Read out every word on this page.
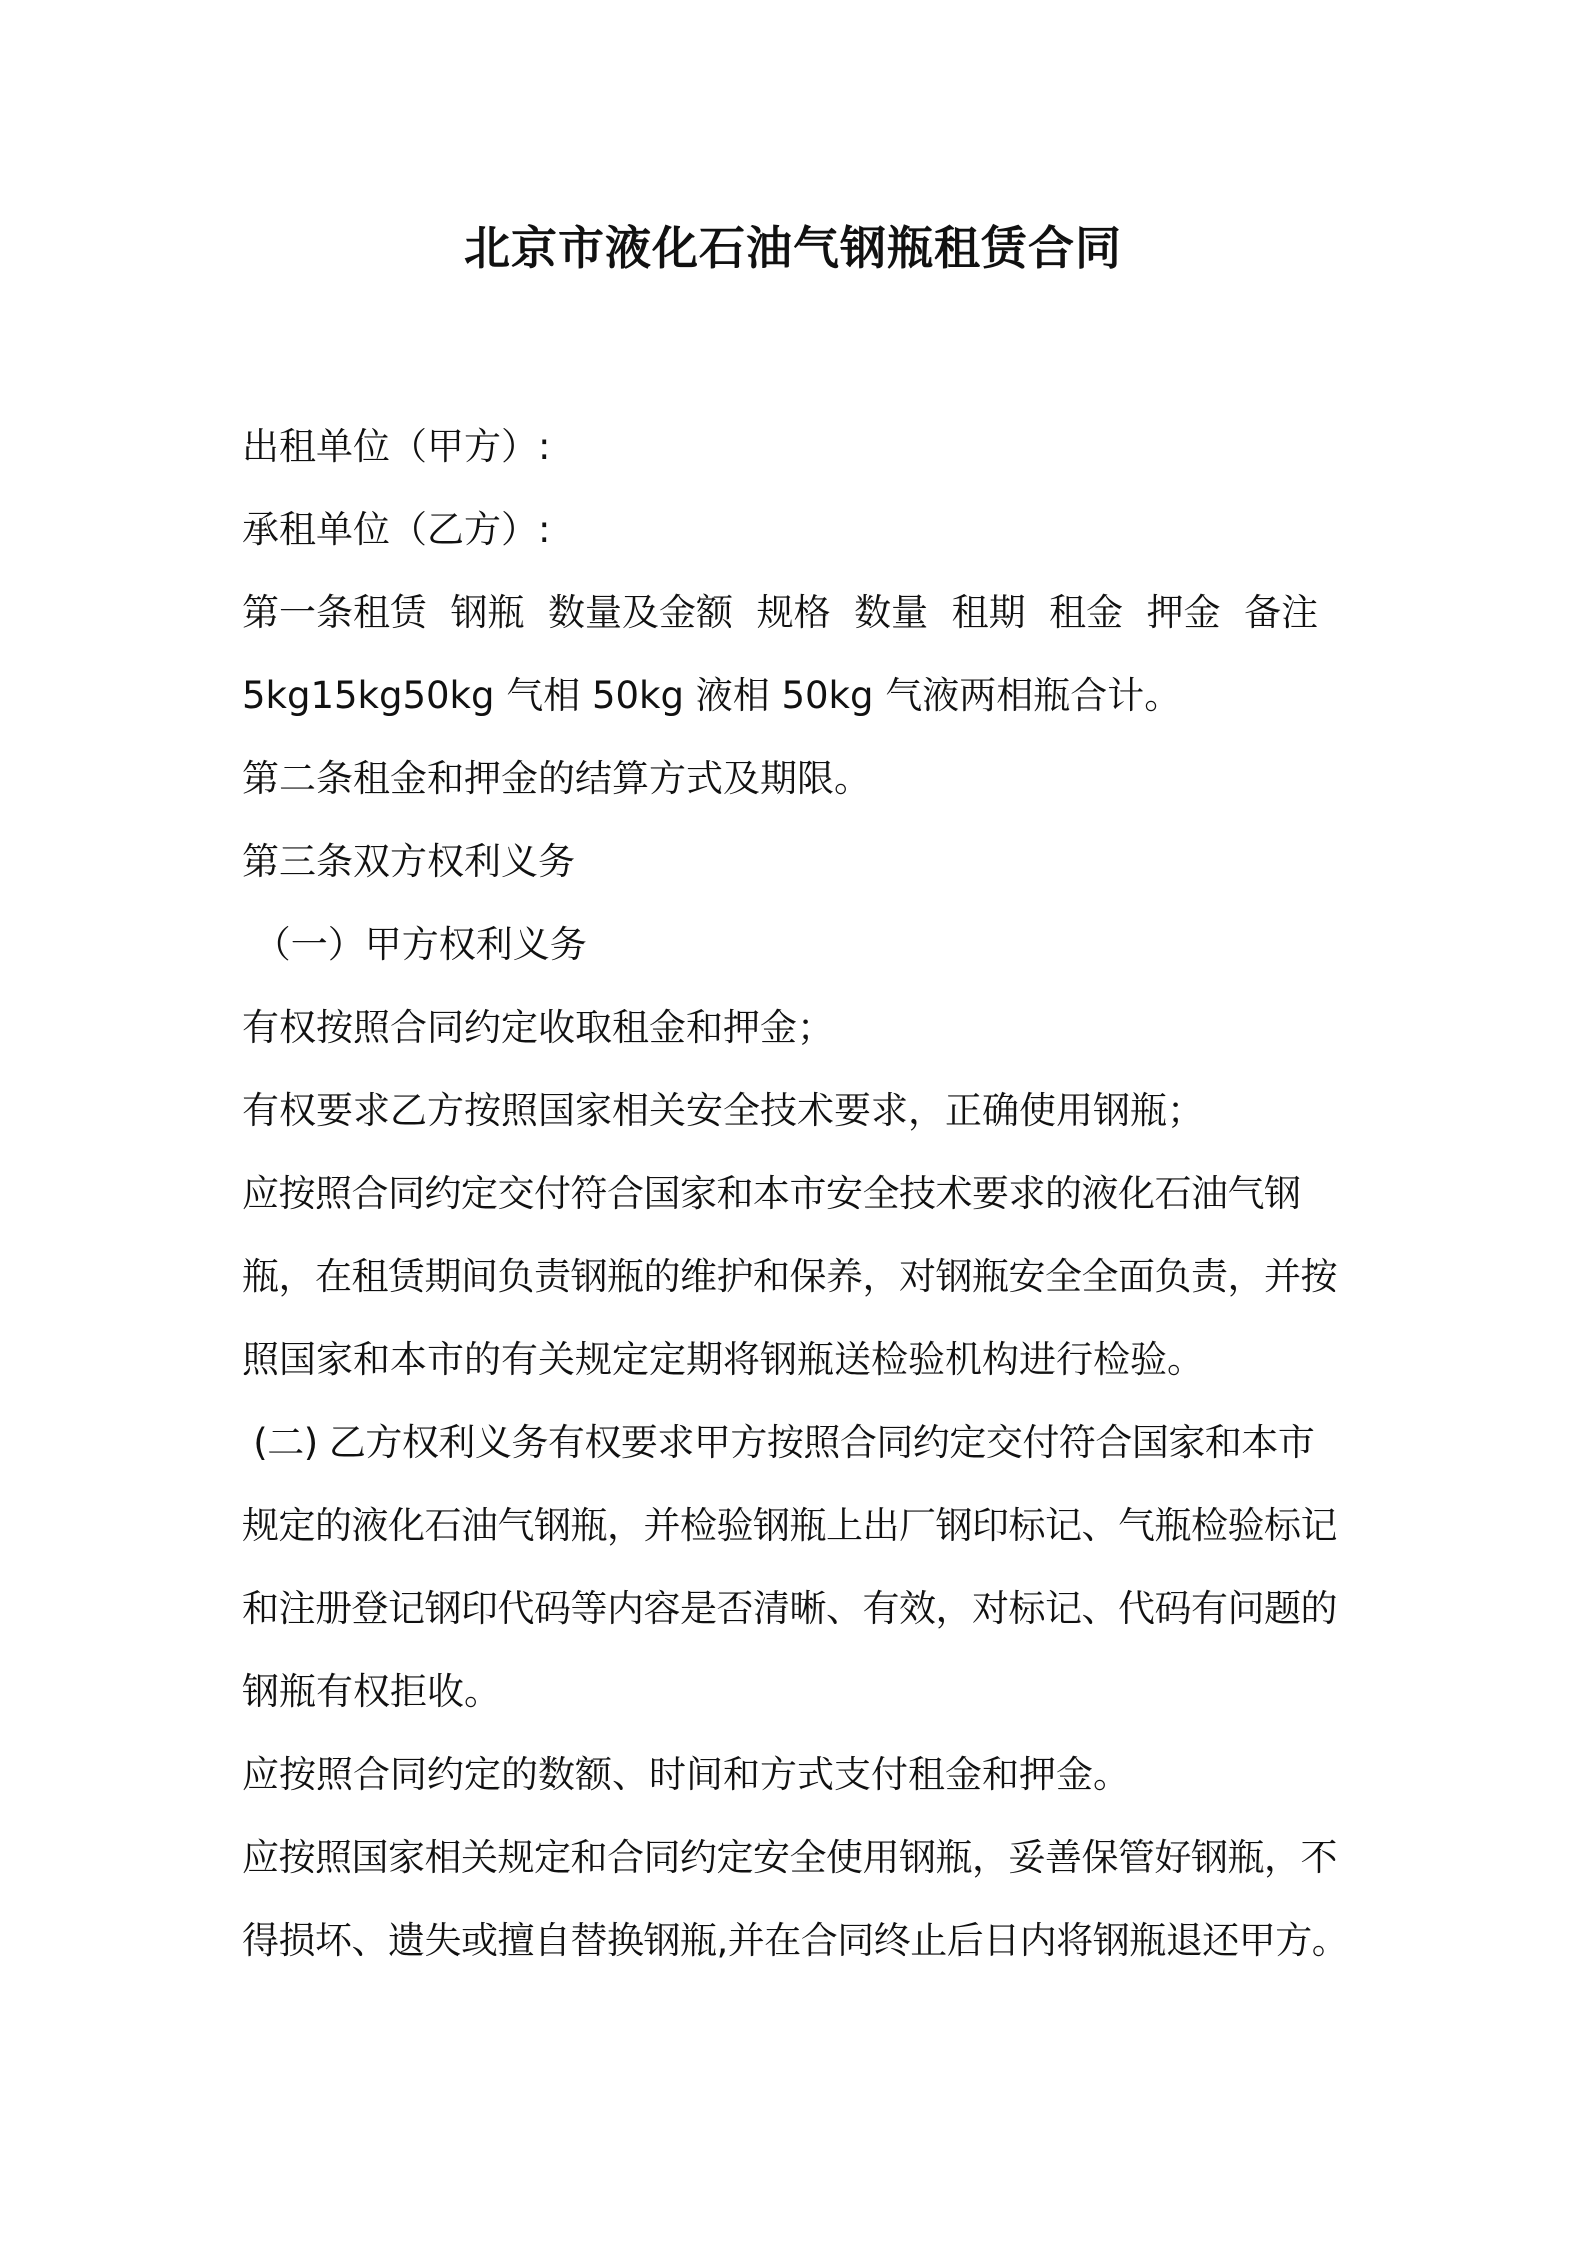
北京市液化石油气钢瓶租赁合同

出租单位（甲方）:

承租单位（乙方）:

第一条租赁  钢瓶  数量及金额  规格  数量  租期  租金  押金  备注

5kg15kg50kg 气相 50kg 液相 50kg 气液两相瓶合计。

第二条租金和押金的结算方式及期限。

第三条双方权利义务

（一）甲方权利义务

有权按照合同约定收取租金和押金；

有权要求乙方按照国家相关安全技术要求，正确使用钢瓶；

应按照合同约定交付符合国家和本市安全技术要求的液化石油气钢

瓶，在租赁期间负责钢瓶的维护和保养，对钢瓶安全全面负责，并按

照国家和本市的有关规定定期将钢瓶送检验机构进行检验。

(二) 乙方权利义务有权要求甲方按照合同约定交付符合国家和本市

规定的液化石油气钢瓶，并检验钢瓶上出厂钢印标记、气瓶检验标记

和注册登记钢印代码等内容是否清晰、有效，对标记、代码有问题的

钢瓶有权拒收。

应按照合同约定的数额、时间和方式支付租金和押金。

应按照国家相关规定和合同约定安全使用钢瓶，妥善保管好钢瓶，不

得损坏、遗失或擅自替换钢瓶,并在合同终止后日内将钢瓶退还甲方。
